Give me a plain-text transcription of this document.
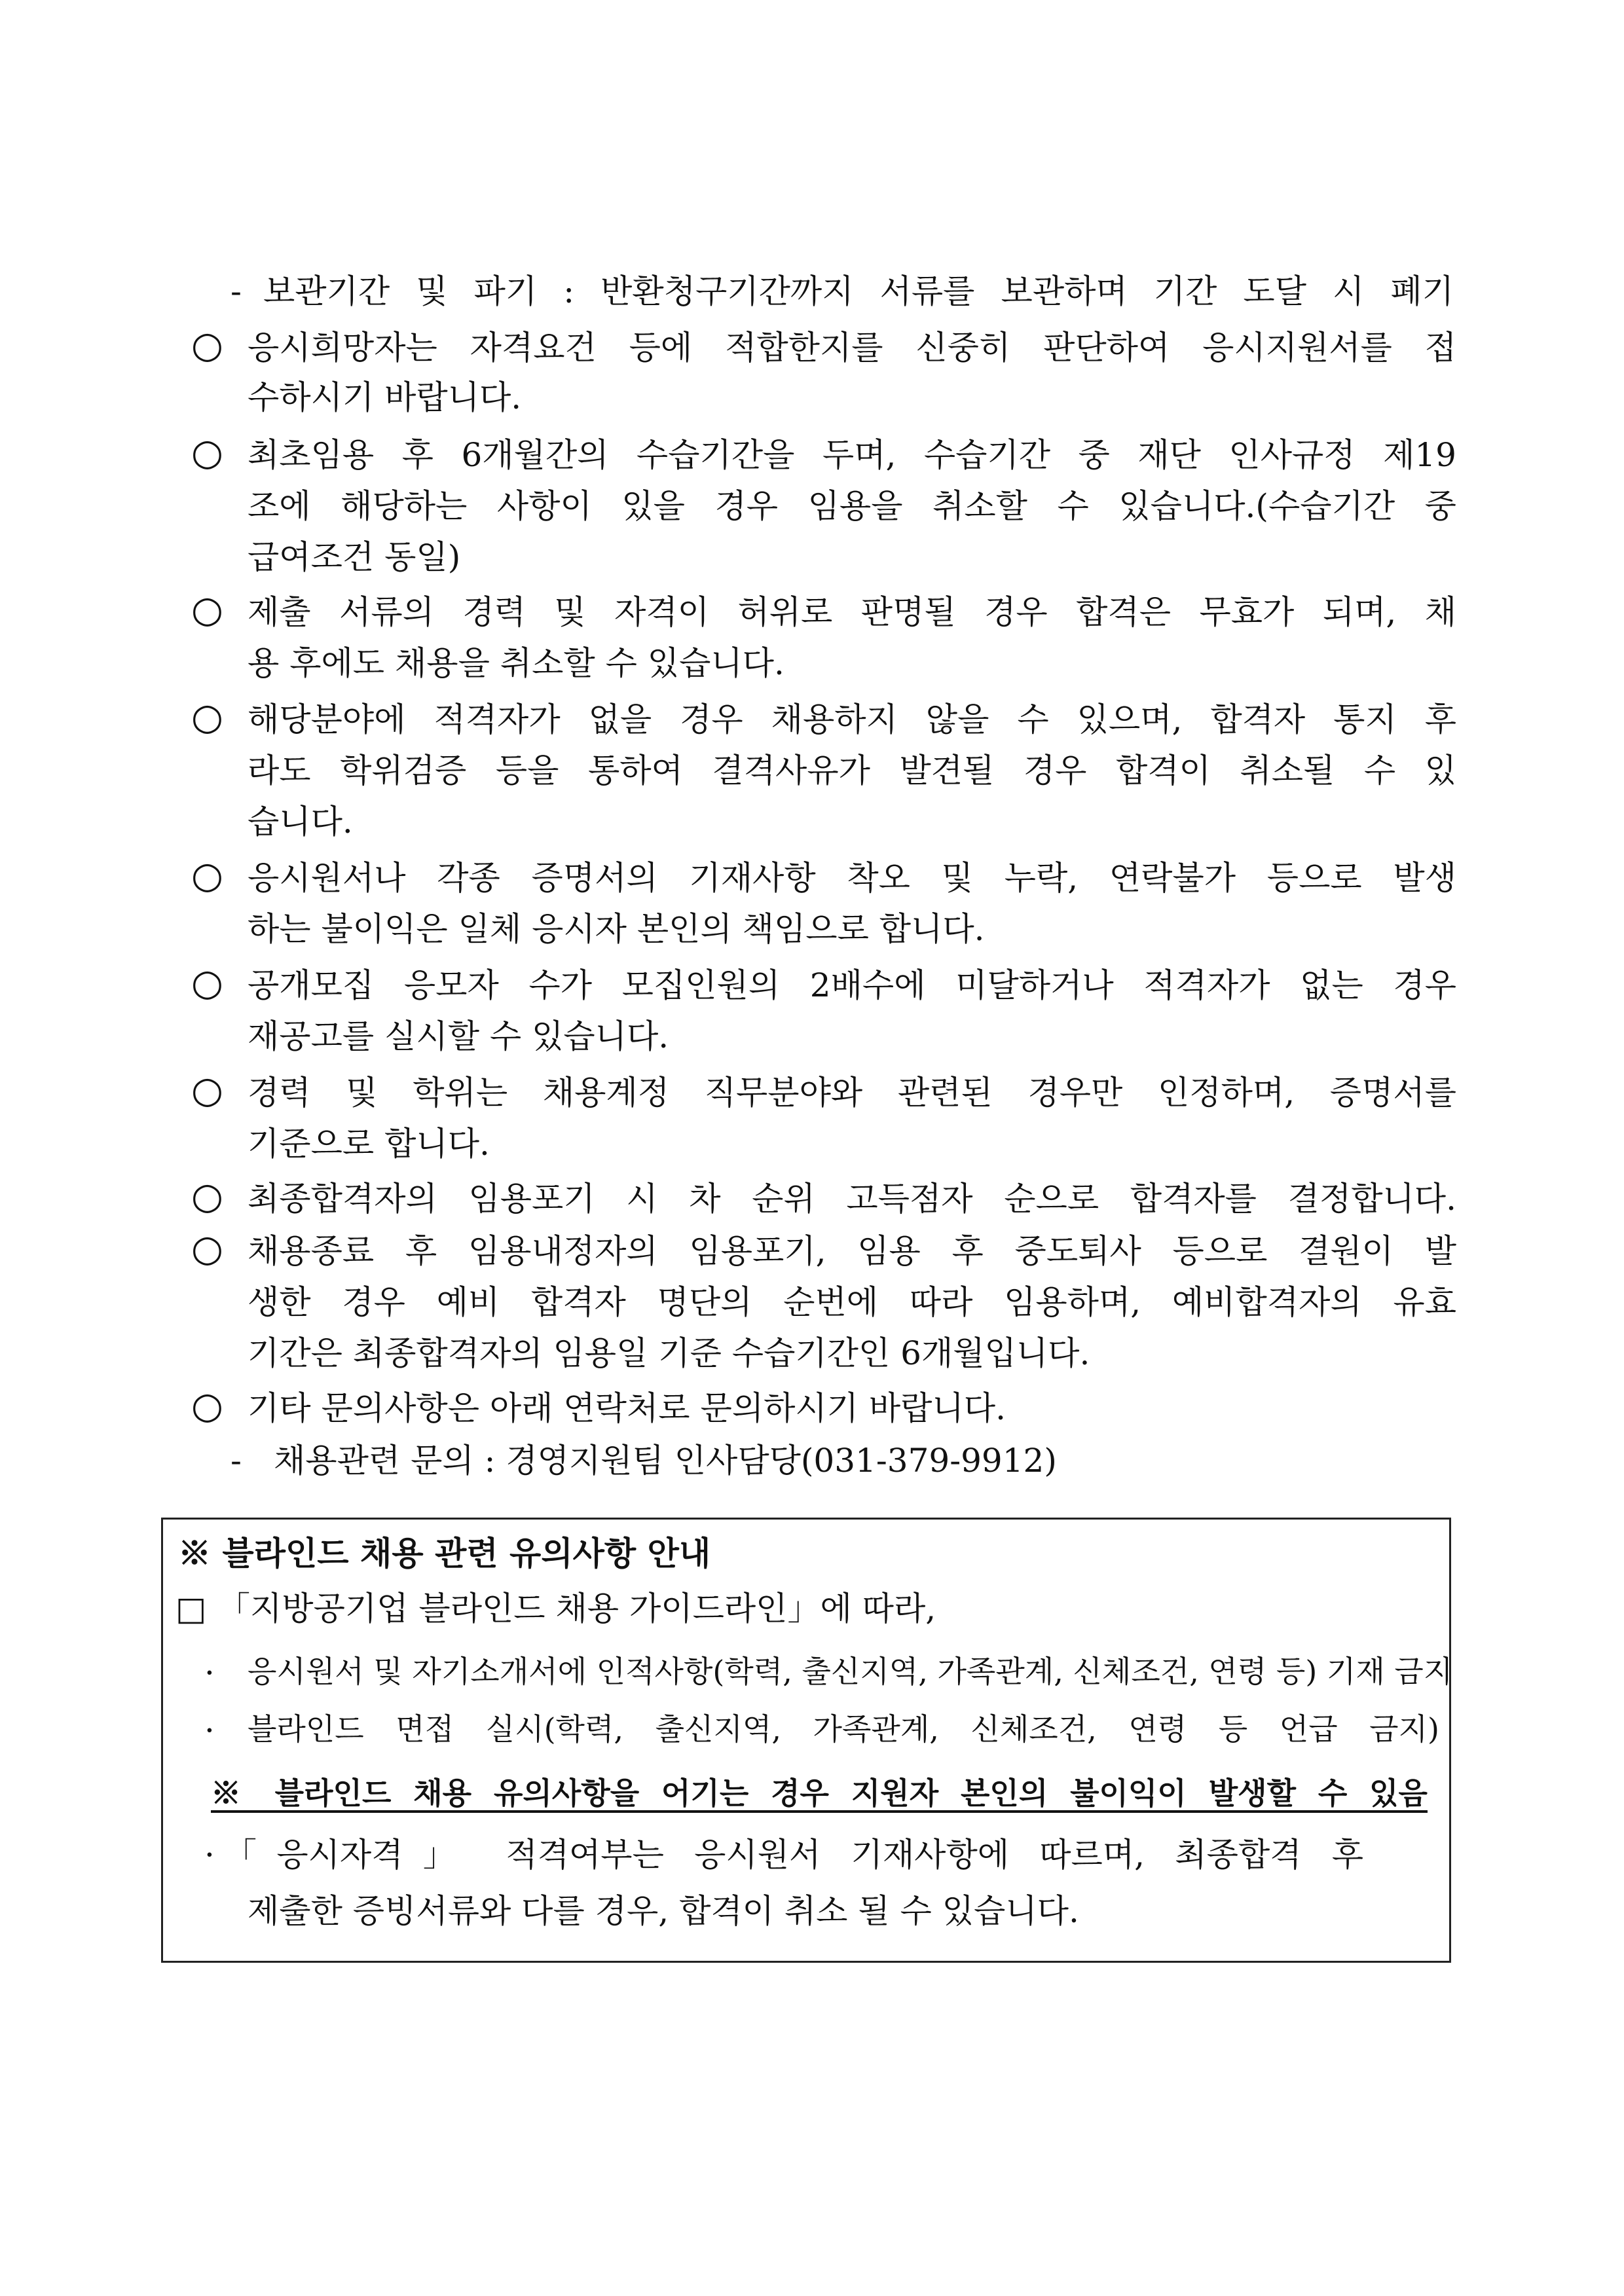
- 보관기간 및 파기 : 반환청구기간까지 서류를 보관하며 기간 도달 시 폐기
○ 응시희망자는 자격요건 등에 적합한지를 신중히 판단하여 응시지원서를 접
수하시기 바랍니다.
○ 최초임용 후 6개월간의 수습기간을 두며, 수습기간 중 재단 인사규정 제19
조에 해당하는 사항이 있을 경우 임용을 취소할 수 있습니다.(수습기간 중
급여조건 동일)
○ 제출 서류의 경력 및 자격이 허위로 판명될 경우 합격은 무효가 되며, 채
용 후에도 채용을 취소할 수 있습니다.
○ 해당분야에 적격자가 없을 경우 채용하지 않을 수 있으며, 합격자 통지 후
라도 학위검증 등을 통하여 결격사유가 발견될 경우 합격이 취소될 수 있
습니다.
○ 응시원서나 각종 증명서의 기재사항 착오 및 누락, 연락불가 등으로 발생
하는 불이익은 일체 응시자 본인의 책임으로 합니다.
○ 공개모집 응모자 수가 모집인원의 2배수에 미달하거나 적격자가 없는 경우
재공고를 실시할 수 있습니다.
○ 경력 및 학위는 채용계정 직무분야와 관련된 경우만 인정하며, 증명서를
기준으로 합니다.
○ 최종합격자의 임용포기 시 차 순위 고득점자 순으로 합격자를 결정합니다.
○ 채용종료 후 임용내정자의 임용포기, 임용 후 중도퇴사 등으로 결원이 발
생한 경우 예비 합격자 명단의 순번에 따라 임용하며, 예비합격자의 유효
기간은 최종합격자의 임용일 기준 수습기간인 6개월입니다.
○ 기타 문의사항은 아래 연락처로 문의하시기 바랍니다.
- 채용관련 문의 : 경영지원팀 인사담당(031-379-9912)
※ 블라인드 채용 관련 유의사항 안내
□ 「지방공기업 블라인드 채용 가이드라인」에 따라,
· 응시원서 및 자기소개서에 인적사항(학력, 출신지역, 가족관계, 신체조건, 연령 등) 기재 금지
· 블라인드 면접 실시(학력, 출신지역, 가족관계, 신체조건, 연령 등 언급 금지)
※ 블라인드 채용 유의사항을 어기는 경우 지원자 본인의 불이익이 발생할 수 있음
· 「응시자격」 적격여부는 응시원서 기재사항에 따르며, 최종합격 후
제출한 증빙서류와 다를 경우, 합격이 취소 될 수 있습니다.
